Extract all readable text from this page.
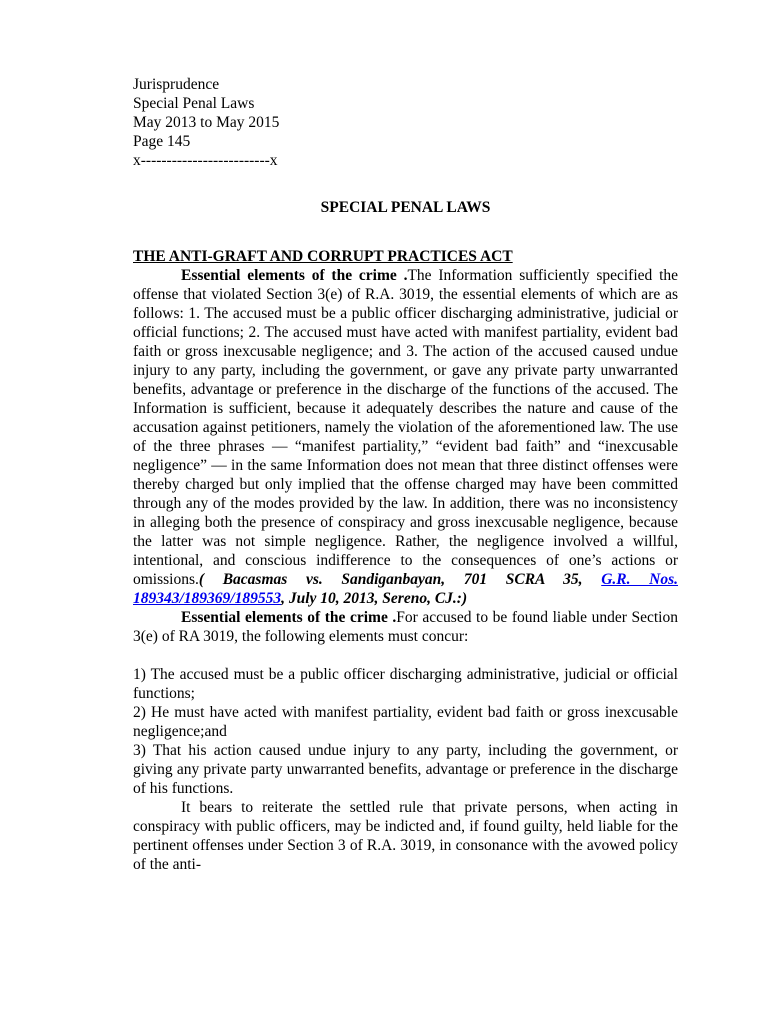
Jurisprudence
Special Penal Laws
May 2013 to May 2015
Page 145
x-------------------------x
SPECIAL PENAL LAWS
THE ANTI-GRAFT AND CORRUPT PRACTICES ACT

Essential elements of the crime .The Information sufficiently specified the offense that violated Section 3(e) of R.A. 3019, the essential elements of which are as follows: 1. The accused must be a public officer discharging administrative, judicial or official functions; 2. The accused must have acted with manifest partiality, evident bad faith or gross inexcusable negligence; and 3. The action of the accused caused undue injury to any party, including the government, or gave any private party unwarranted benefits, advantage or preference in the discharge of the functions of the accused. The Information is sufficient, because it adequately describes the nature and cause of the accusation against petitioners, namely the violation of the aforementioned law. The use of the three phrases — “manifest partiality,” “evident bad faith” and “inexcusable negligence” — in the same Information does not mean that three distinct offenses were thereby charged but only implied that the offense charged may have been committed through any of the modes provided by the law. In addition, there was no inconsistency in alleging both the presence of conspiracy and gross inexcusable negligence, because the latter was not simple negligence. Rather, the negligence involved a willful, intentional, and conscious indifference to the consequences of one’s actions or omissions.( Bacasmas vs. Sandiganbayan, 701 SCRA 35, G.R. Nos. 189343/189369/189553, July 10, 2013, Sereno, CJ.:)

Essential elements of the crime .For accused to be found liable under Section 3(e) of RA 3019, the following elements must concur:

1) The accused must be a public officer discharging administrative, judicial or official functions;

2) He must have acted with manifest partiality, evident bad faith or gross inexcusable negligence;and

3) That his action caused undue injury to any party, including the government, or giving any private party unwarranted benefits, advantage or preference in the discharge of his functions.

It bears to reiterate the settled rule that private persons, when acting in conspiracy with public officers, may be indicted and, if found guilty, held liable for the pertinent offenses under Section 3 of R.A. 3019, in consonance with the avowed policy of the anti-
